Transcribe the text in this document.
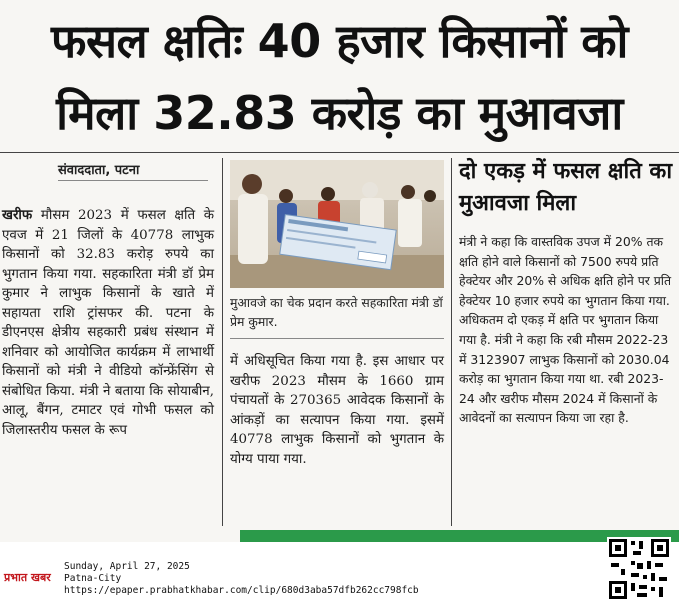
फसल क्षतिः 40 हजार किसानों को
मिला 32.83 करोड़ का मुआवजा
संवाददाता, पटना
खरीफ मौसम 2023 में फसल क्षति के एवज में 21 जिलों के 40778 लाभुक किसानों को 32.83 करोड़ रुपये का भुगतान किया गया. सहकारिता मंत्री डॉ प्रेम कुमार ने लाभुक किसानों के खाते में सहायता राशि ट्रांसफर की. पटना के डीएनएस क्षेत्रीय सहकारी प्रबंध संस्थान में शनिवार को आयोजित कार्यक्रम में लाभार्थी किसानों को मंत्री ने वीडियो कॉन्फ्रेंसिंग से संबोधित किया. मंत्री ने बताया कि सोयाबीन, आलू, बैंगन, टमाटर एवं गोभी फसल को जिलास्तरीय फसल के रूप
मुआवजे का चेक प्रदान करते सहकारिता मंत्री डॉ प्रेम कुमार.
में अधिसूचित किया गया है. इस आधार पर खरीफ 2023 मौसम के 1660 ग्राम पंचायतों के 270365 आवेदक किसानों के आंकड़ों का सत्यापन किया गया. इसमें 40778 लाभुक किसानों को भुगतान के योग्य पाया गया.
दो एकड़ में फसल क्षति का मुआवजा मिला
मंत्री ने कहा कि वास्तविक उपज में 20% तक क्षति होने वाले किसानों को 7500 रुपये प्रति हेक्टेयर और 20% से अधिक क्षति होने पर प्रति हेक्टेयर 10 हजार रुपये का भुगतान किया गया. अधिकतम दो एकड़ में क्षति पर भुगतान किया गया है. मंत्री ने कहा कि रबी मौसम 2022-23 में 3123907 लाभुक किसानों को 2030.04 करोड़ का भुगतान किया गया था. रबी 2023-24 और खरीफ मौसम 2024 में किसानों के आवेदनों का सत्यापन किया जा रहा है.
प्रभात खबर
Sunday, April 27, 2025
Patna-City
https://epaper.prabhatkhabar.com/clip/680d3aba57dfb262cc798fcb
